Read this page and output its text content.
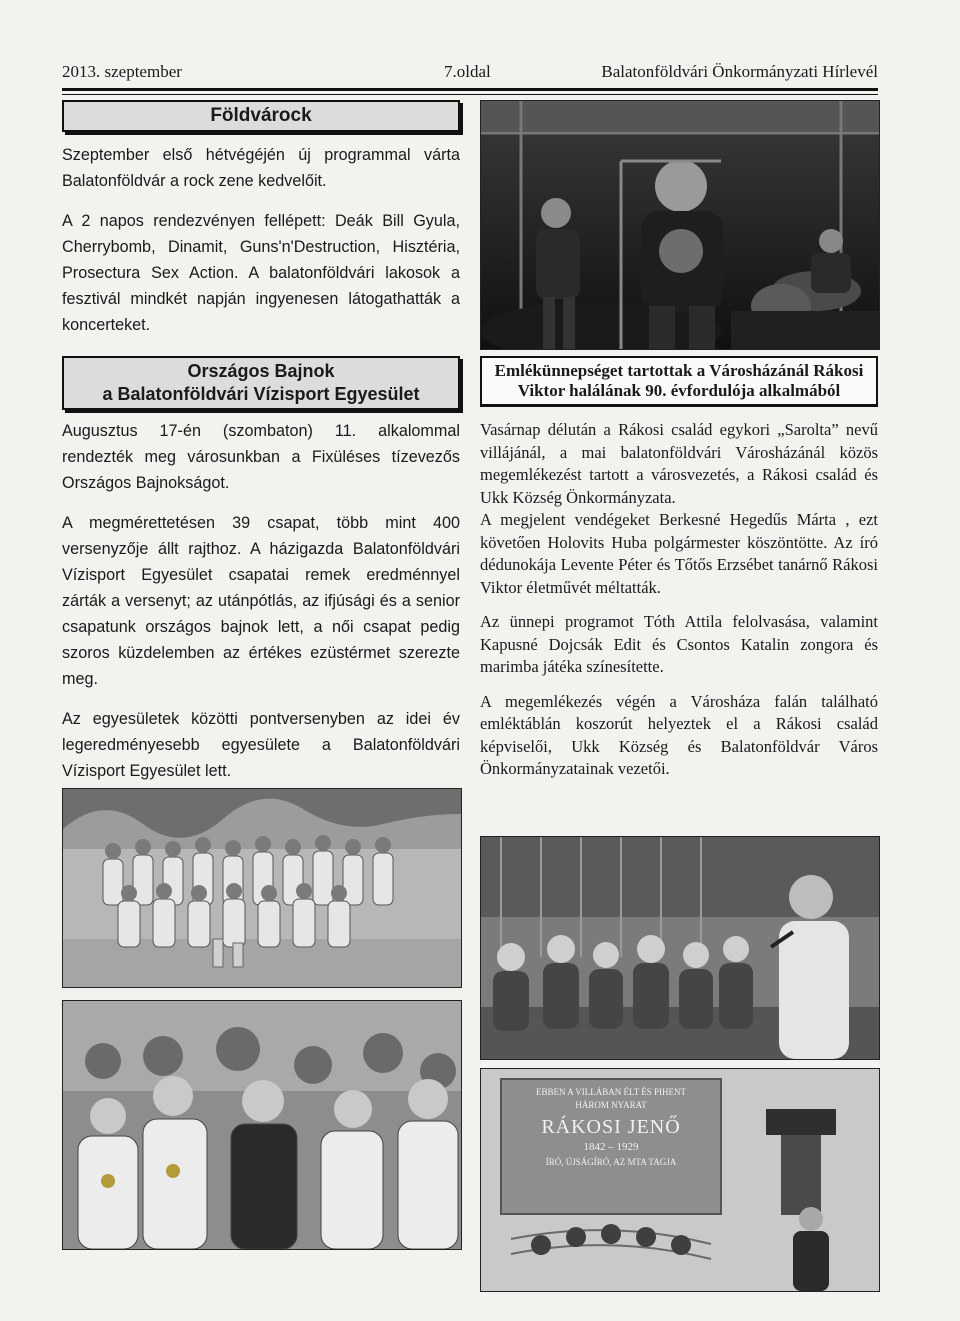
2013. szeptember	7.oldal	Balatonföldvári Önkormányzati Hírlevél
Földvárock

Szeptember első hétvégéjén új programmal várta Balatonföldvár a rock zene kedvelőit.

A 2 napos rendezvényen fellépett: Deák Bill Gyula, Cherrybomb, Dinamit, Guns'n'Destruction, Hisztéria, Prosectura Sex Action. A balatonföldvári lakosok a fesztivál mindkét napján ingyenesen látogathatták a koncerteket.

Országos Bajnok
a Balatonföldvári Vízisport Egyesület

Augusztus 17-én (szombaton) 11. alkalommal rendezték meg városunkban a Fixüléses tízevezős Országos Bajnokságot.

A megmérettetésen 39 csapat, több mint 400 versenyzője állt rajthoz. A házigazda Balatonföldvári Vízisport Egyesület csapatai remek eredménnyel zárták a versenyt; az utánpótlás, az ifjúsági és a senior csapatunk országos bajnok lett, a női csapat pedig szoros küzdelemben az értékes ezüstérmet szerezte meg.

Az egyesületek közötti pontversenyben az idei év legeredményesebb egyesülete a Balatonföldvári Vízisport Egyesület lett.

Emlékünnepséget tartottak a Városházánál Rákosi Viktor halálának 90. évfordulója alkalmából

Vasárnap délután a Rákosi család egykori „Sarolta” nevű villájánál, a mai balatonföldvári Városházánál közös megemlékezést tartott a városvezetés, a Rákosi család és Ukk Község Önkormányzata.

A megjelent vendégeket Berkesné Hegedűs Márta , ezt követően Holovits Huba polgármester köszöntötte. Az író dédunokája Levente Péter és Tőtős Erzsébet tanárnő Rákosi Viktor életművét méltatták.

Az ünnepi programot Tóth Attila felolvasása, valamint Kapusné Dojcsák Edit és Csontos Katalin zongora és marimba játéka színesítette.

A megemlékezés végén a Városháza falán található emléktáblán koszorút helyeztek el a Rákosi család képviselői, Ukk Község és Balatonföldvár Város Önkormányzatainak vezetői.

EBBEN A VILLÁBAN ÉLT ÉS PIHENT
HÁROM NYARAT
RÁKOSI JENŐ
1842 – 1929
ÍRÓ, ÚJSÁGÍRÓ, AZ MTA TAGJA
